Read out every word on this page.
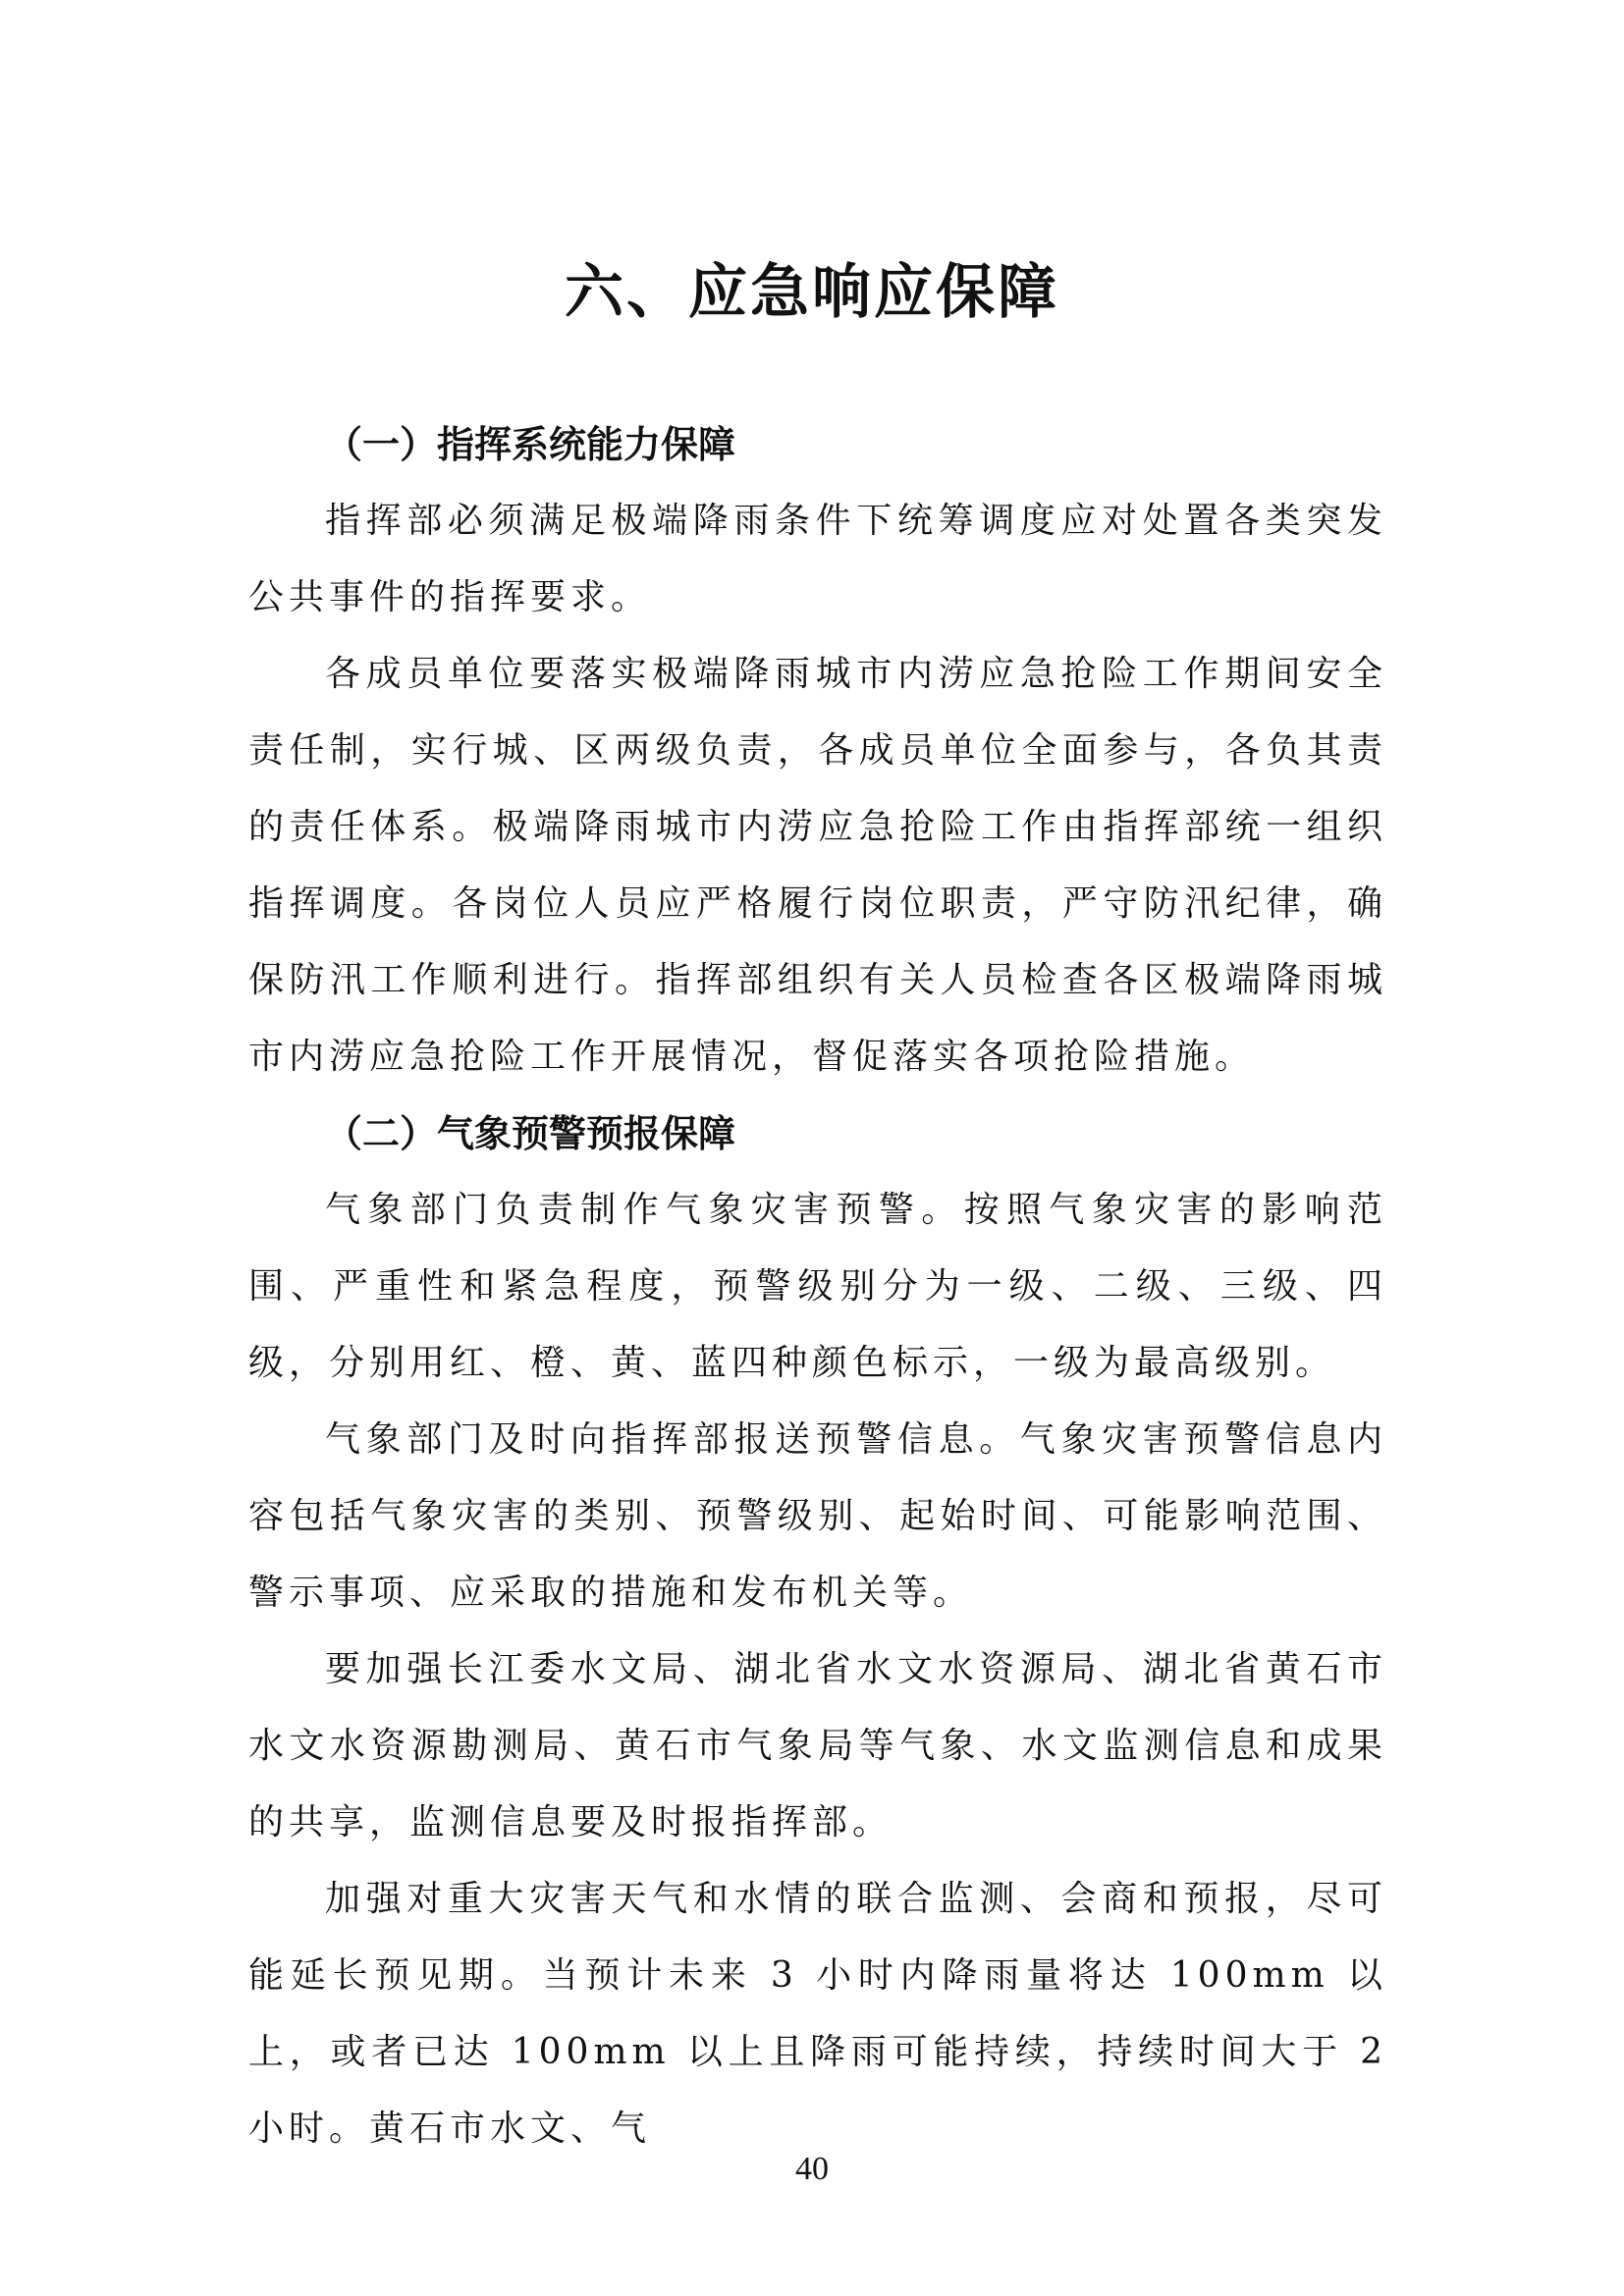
六、应急响应保障
（一）指挥系统能力保障

指挥部必须满足极端降雨条件下统筹调度应对处置各类突发公共事件的指挥要求。

各成员单位要落实极端降雨城市内涝应急抢险工作期间安全责任制，实行城、区两级负责，各成员单位全面参与，各负其责的责任体系。极端降雨城市内涝应急抢险工作由指挥部统一组织指挥调度。各岗位人员应严格履行岗位职责，严守防汛纪律，确保防汛工作顺利进行。指挥部组织有关人员检查各区极端降雨城市内涝应急抢险工作开展情况，督促落实各项抢险措施。

（二）气象预警预报保障

气象部门负责制作气象灾害预警。按照气象灾害的影响范围、严重性和紧急程度，预警级别分为一级、二级、三级、四级，分别用红、橙、黄、蓝四种颜色标示，一级为最高级别。

气象部门及时向指挥部报送预警信息。气象灾害预警信息内容包括气象灾害的类别、预警级别、起始时间、可能影响范围、警示事项、应采取的措施和发布机关等。

要加强长江委水文局、湖北省水文水资源局、湖北省黄石市水文水资源勘测局、黄石市气象局等气象、水文监测信息和成果的共享，监测信息要及时报指挥部。

加强对重大灾害天气和水情的联合监测、会商和预报，尽可能延长预见期。当预计未来 3 小时内降雨量将达 100mm 以上，或者已达 100mm 以上且降雨可能持续，持续时间大于 2 小时。黄石市水文、气

40
